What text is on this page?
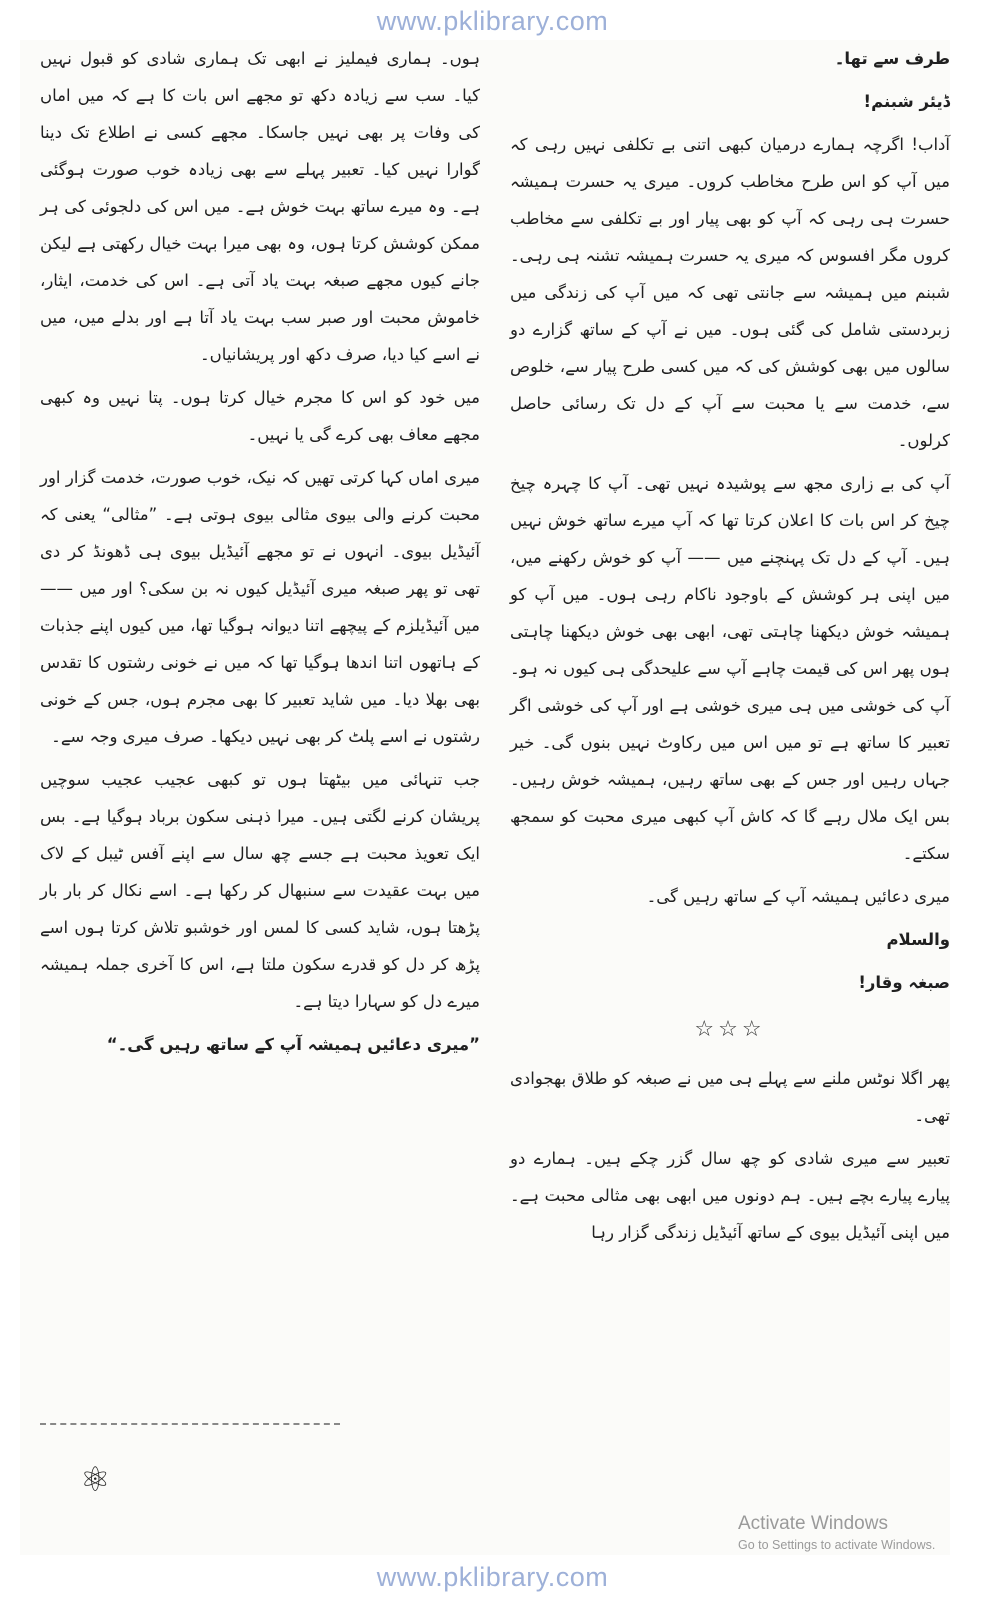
www.pklibrary.com

طرف سے تھا۔

ڈیئر شبنم!

آداب! اگرچہ ہمارے درمیان کبھی اتنی بے تکلفی نہیں رہی کہ میں آپ کو اس طرح مخاطب کروں۔ میری یہ حسرت ہمیشہ حسرت ہی رہی کہ آپ کو بھی پیار اور بے تکلفی سے مخاطب کروں مگر افسوس کہ میری یہ حسرت ہمیشہ تشنہ ہی رہی۔ شبنم میں ہمیشہ سے جانتی تھی کہ میں آپ کی زندگی میں زبردستی شامل کی گئی ہوں۔ میں نے آپ کے ساتھ گزارے دو سالوں میں بھی کوشش کی کہ میں کسی طرح پیار سے، خلوص سے، خدمت سے یا محبت سے آپ کے دل تک رسائی حاصل کرلوں۔

آپ کی بے زاری مجھ سے پوشیدہ نہیں تھی۔ آپ کا چہرہ چیخ چیخ کر اس بات کا اعلان کرتا تھا کہ آپ میرے ساتھ خوش نہیں ہیں۔ آپ کے دل تک پہنچنے میں —— آپ کو خوش رکھنے میں، میں اپنی ہر کوشش کے باوجود ناکام رہی ہوں۔ میں آپ کو ہمیشہ خوش دیکھنا چاہتی تھی، ابھی بھی خوش دیکھنا چاہتی ہوں پھر اس کی قیمت چاہے آپ سے علیحدگی ہی کیوں نہ ہو۔ آپ کی خوشی میں ہی میری خوشی ہے اور آپ کی خوشی اگر تعبیر کا ساتھ ہے تو میں اس میں رکاوٹ نہیں بنوں گی۔ خیر جہاں رہیں اور جس کے بھی ساتھ رہیں، ہمیشہ خوش رہیں۔ بس ایک ملال رہے گا کہ کاش آپ کبھی میری محبت کو سمجھ سکتے۔

میری دعائیں ہمیشہ آپ کے ساتھ رہیں گی۔

والسلام

صبغہ وقار!

☆☆☆

پھر اگلا نوٹس ملنے سے پہلے ہی میں نے صبغہ کو طلاق بھجوادی تھی۔

تعبیر سے میری شادی کو چھ سال گزر چکے ہیں۔ ہمارے دو پیارے پیارے بچے ہیں۔ ہم دونوں میں ابھی بھی مثالی محبت ہے۔ میں اپنی آئیڈیل بیوی کے ساتھ آئیڈیل زندگی گزار رہا

ہوں۔ ہماری فیملیز نے ابھی تک ہماری شادی کو قبول نہیں کیا۔ سب سے زیادہ دکھ تو مجھے اس بات کا ہے کہ میں اماں کی وفات پر بھی نہیں جاسکا۔ مجھے کسی نے اطلاع تک دینا گوارا نہیں کیا۔ تعبیر پہلے سے بھی زیادہ خوب صورت ہوگئی ہے۔ وہ میرے ساتھ بہت خوش ہے۔ میں اس کی دلجوئی کی ہر ممکن کوشش کرتا ہوں، وہ بھی میرا بہت خیال رکھتی ہے لیکن جانے کیوں مجھے صبغہ بہت یاد آتی ہے۔ اس کی خدمت، ایثار، خاموش محبت اور صبر سب بہت یاد آتا ہے اور بدلے میں، میں نے اسے کیا دیا، صرف دکھ اور پریشانیاں۔

میں خود کو اس کا مجرم خیال کرتا ہوں۔ پتا نہیں وہ کبھی مجھے معاف بھی کرے گی یا نہیں۔

میری اماں کہا کرتی تھیں کہ نیک، خوب صورت، خدمت گزار اور محبت کرنے والی بیوی مثالی بیوی ہوتی ہے۔ ”مثالی“ یعنی کہ آئیڈیل بیوی۔ انہوں نے تو مجھے آئیڈیل بیوی ہی ڈھونڈ کر دی تھی تو پھر صبغہ میری آئیڈیل کیوں نہ بن سکی؟ اور میں —— میں آئیڈیلزم کے پیچھے اتنا دیوانہ ہوگیا تھا، میں کیوں اپنے جذبات کے ہاتھوں اتنا اندھا ہوگیا تھا کہ میں نے خونی رشتوں کا تقدس بھی بھلا دیا۔ میں شاید تعبیر کا بھی مجرم ہوں، جس کے خونی رشتوں نے اسے پلٹ کر بھی نہیں دیکھا۔ صرف میری وجہ سے۔

جب تنہائی میں بیٹھتا ہوں تو کبھی عجیب عجیب سوچیں پریشان کرنے لگتی ہیں۔ میرا ذہنی سکون برباد ہوگیا ہے۔ بس ایک تعویذ محبت ہے جسے چھ سال سے اپنے آفس ٹیبل کے لاک میں بہت عقیدت سے سنبھال کر رکھا ہے۔ اسے نکال کر بار بار پڑھتا ہوں، شاید کسی کا لمس اور خوشبو تلاش کرتا ہوں اسے پڑھ کر دل کو قدرے سکون ملتا ہے، اس کا آخری جملہ ہمیشہ میرے دل کو سہارا دیتا ہے۔

”میری دعائیں ہمیشہ آپ کے ساتھ رہیں گی۔“

⚛
Activate Windows
Go to Settings to activate Windows.
www.pklibrary.com
